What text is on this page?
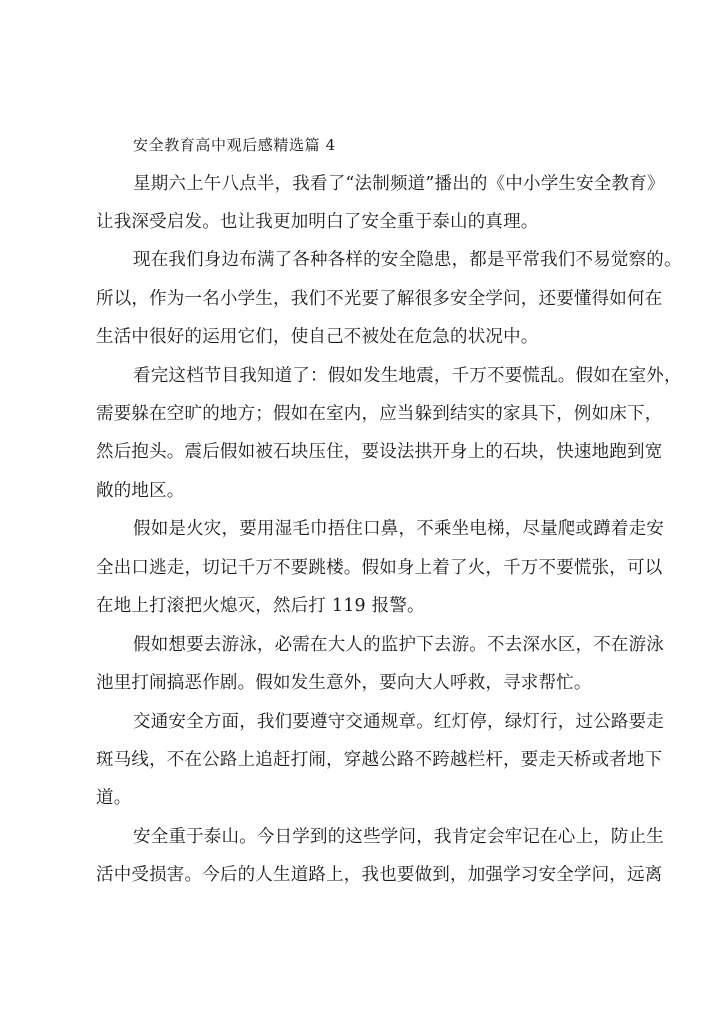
安全教育高中观后感精选篇 4
星期六上午八点半，我看了“法制频道”播出的《中小学生安全教育》
让我深受启发。也让我更加明白了安全重于泰山的真理。
现在我们身边布满了各种各样的安全隐患，都是平常我们不易觉察的。
所以，作为一名小学生，我们不光要了解很多安全学问，还要懂得如何在
生活中很好的运用它们，使自己不被处在危急的状况中。
看完这档节目我知道了：假如发生地震，千万不要慌乱。假如在室外，
需要躲在空旷的地方；假如在室内，应当躲到结实的家具下，例如床下，
然后抱头。震后假如被石块压住，要设法拱开身上的石块，快速地跑到宽
敞的地区。
假如是火灾，要用湿毛巾捂住口鼻，不乘坐电梯，尽量爬或蹲着走安
全出口逃走，切记千万不要跳楼。假如身上着了火，千万不要慌张，可以
在地上打滚把火熄灭，然后打 119 报警。
假如想要去游泳，必需在大人的监护下去游。不去深水区，不在游泳
池里打闹搞恶作剧。假如发生意外，要向大人呼救，寻求帮忙。
交通安全方面，我们要遵守交通规章。红灯停，绿灯行，过公路要走
斑马线，不在公路上追赶打闹，穿越公路不跨越栏杆，要走天桥或者地下
道。
安全重于泰山。今日学到的这些学问，我肯定会牢记在心上，防止生
活中受损害。今后的人生道路上，我也要做到，加强学习安全学问，远离
